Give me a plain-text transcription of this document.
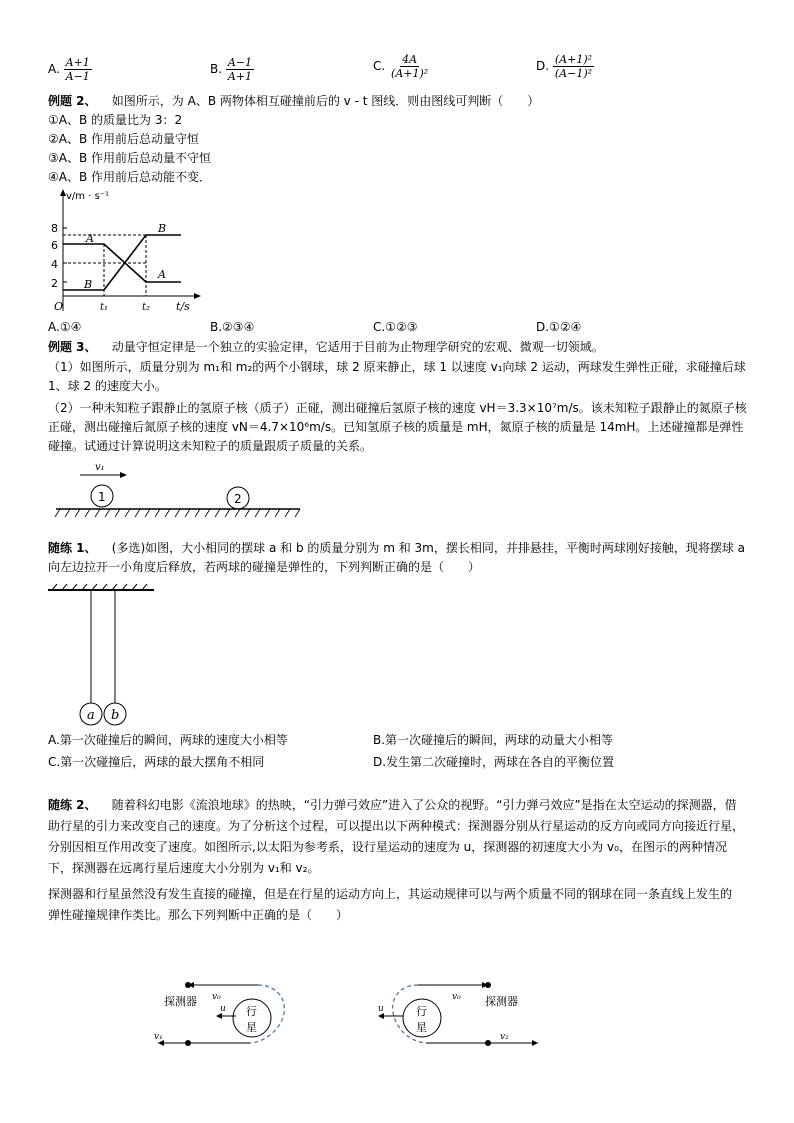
A. $\frac{A+1}{A-1}$	B. $\frac{A-1}{A+1}$	C. $\frac{4A}{\text{(A+1)²}}$	D. $\frac{\text{(A+1)²}}{\text{(A−1)²}}$
例题 2、 如图所示，为 A、B 两物体相互碰撞前后的 v - t 图线．则由图线可判断（　　）
①A、B 的质量比为 3：2
②A、B 作用前后总动量守恒
③A、B 作用前后总动量不守恒
④A、B 作用前后总动能不变．
v/m · s⁻¹
O	t/s
8
6
4
2
A
A
B
B
t₁	t₂
A.①④	B.②③④	C.①②③	D.①②④
例题 3、 动量守恒定律是一个独立的实验定律，它适用于目前为止物理学研究的宏观、微观一切领域。
（1）如图所示，质量分别为 m₁和 m₂的两个小钢球，球 2 原来静止，球 1 以速度 v₁向球 2 运动，两球发生弹性正碰，求碰撞后球 1、球 2 的速度大小。
（2）一种未知粒子跟静止的氢原子核（质子）正碰，测出碰撞后氢原子核的速度 vH＝3.3×10⁷m/s。该未知粒子跟静止的氮原子核正碰，测出碰撞后氮原子核的速度 vN＝4.7×10⁶m/s。已知氢原子核的质量是 mH，氮原子核的质量是 14mH。上述碰撞都是弹性碰撞。试通过计算说明这未知粒子的质量跟质子质量的关系。
v₁
1	2
随练 1、 (多选)如图，大小相同的摆球 a 和 b 的质量分别为 m 和 3m，摆长相同，并排悬挂，平衡时两球刚好接触，现将摆球 a 向左边拉开一小角度后释放，若两球的碰撞是弹性的，下列判断正确的是（　　）
a b
A.第一次碰撞后的瞬间，两球的速度大小相等	B.第一次碰撞后的瞬间，两球的动量大小相等
C.第一次碰撞后，两球的最大摆角不相同	D.发生第二次碰撞时，两球在各自的平衡位置
随练 2、 随着科幻电影《流浪地球》的热映，“引力弹弓效应”进入了公众的视野。“引力弹弓效应”是指在太空运动的探测器，借助行星的引力来改变自己的速度。为了分析这个过程，可以提出以下两种模式：探测器分别从行星运动的反方向或同方向接近行星，分别因相互作用改变了速度。如图所示,以太阳为参考系，设行星运动的速度为 u，探测器的初速度大小为 v₀，在图示的两种情况下，探测器在远离行星后速度大小分别为 v₁和 v₂。
探测器和行星虽然没有发生直接的碰撞，但是在行星的运动方向上，其运动规律可以与两个质量不同的钢球在同一条直线上发生的弹性碰撞规律作类比。那么下列判断中正确的是（　　）
v₀
探测器
行
星
u
v₁
v₀ 探测器
行
星
u
v₂
